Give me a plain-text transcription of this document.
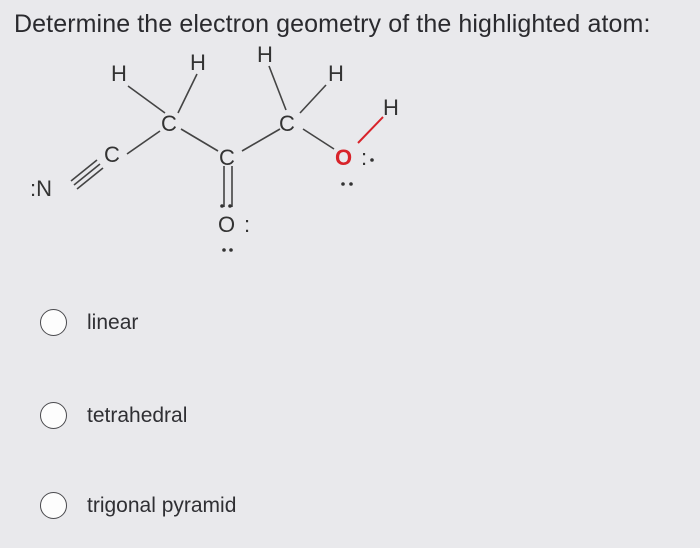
Determine the electron geometry of the highlighted atom:
:N
C
C
H	H
C
O :
C
H
H
O :
H
linear
tetrahedral
trigonal pyramid
